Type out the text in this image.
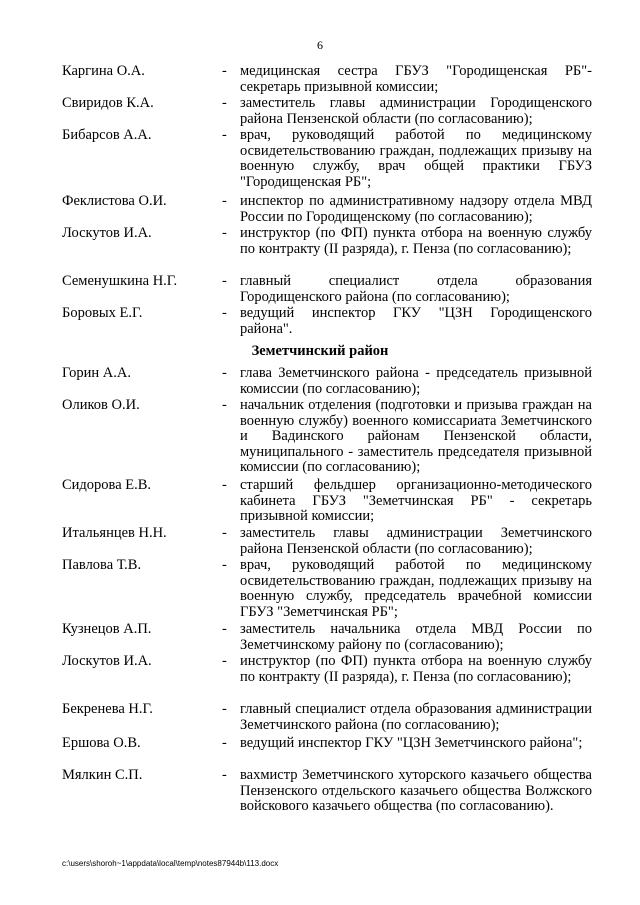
6
Каргина О.А.	- медицинская сестра ГБУЗ "Городищенская РБ"- секретарь призывной комиссии;
Свиридов К.А.	- заместитель главы администрации Городищенского района Пензенской области (по согласованию);
Бибарсов А.А.	- врач, руководящий работой по медицинскому освидетельствованию граждан, подлежащих призыву на военную службу, врач общей практики ГБУЗ "Городищенская РБ";
Феклистова О.И.	- инспектор по административному надзору отдела МВД России по Городищенскому (по согласованию);
Лоскутов И.А.	- инструктор (по ФП) пункта отбора на военную службу по контракту (II разряда), г. Пенза (по согласованию);
Семенушкина Н.Г.	- главный специалист отдела образования Городищенского района (по согласованию);
Боровых Е.Г.	- ведущий инспектор ГКУ "ЦЗН Городищенского района".
Земетчинский район
Горин А.А.	- глава Земетчинского района - председатель призывной комиссии (по согласованию);
Оликов О.И.	- начальник отделения (подготовки и призыва граждан на военную службу) военного комиссариата Земетчинского и Вадинского районам Пензенской области, муниципального - заместитель председателя призывной комиссии (по согласованию);
Сидорова Е.В.	- старший фельдшер организационно-методического кабинета ГБУЗ "Земетчинская РБ" - секретарь призывной комиссии;
Итальянцев Н.Н.	- заместитель главы администрации Земетчинского района Пензенской области (по согласованию);
Павлова Т.В.	- врач, руководящий работой по медицинскому освидетельствованию граждан, подлежащих призыву на военную службу, председатель врачебной комиссии ГБУЗ "Земетчинская РБ";
Кузнецов А.П.	- заместитель начальника отдела МВД России по Земетчинскому району по (согласованию);
Лоскутов И.А.	- инструктор (по ФП) пункта отбора на военную службу по контракту (II разряда), г. Пенза (по согласованию);
Бекренева Н.Г.	- главный специалист отдела образования администрации Земетчинского района (по согласованию);
Ершова О.В.	- ведущий инспектор ГКУ "ЦЗН Земетчинского района";
Мялкин С.П.	- вахмистр Земетчинского хуторского казачьего общества Пензенского отдельского казачьего общества Волжского войскового казачьего общества (по согласованию).
c:\users\shoroh~1\appdata\local\temp\notes87944b\113.docx
